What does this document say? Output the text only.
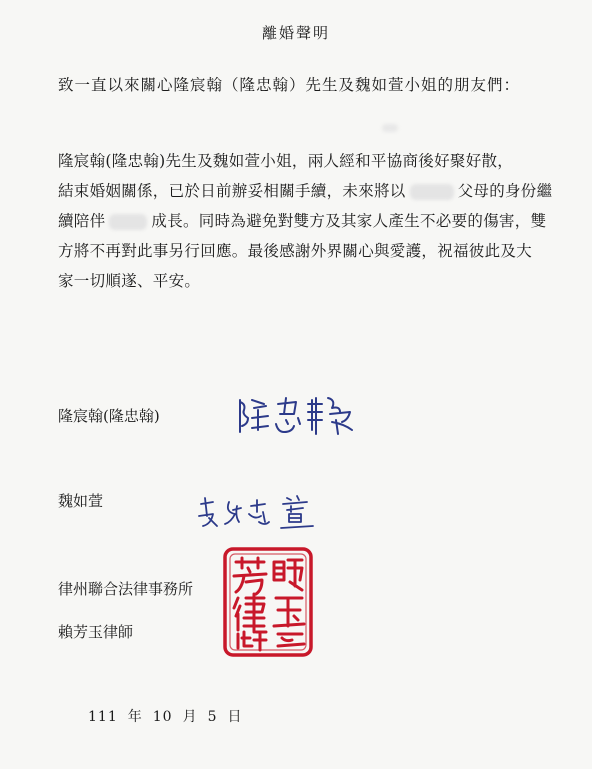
離婚聲明
致一直以來關心隆宸翰（隆忠翰）先生及魏如萱小姐的朋友們：
隆宸翰(隆忠翰)先生及魏如萱小姐，兩人經和平協商後好聚好散，
結束婚姻關係，已於日前辦妥相關手續，未來將以	父母的身份繼
續陪伴	成長。同時為避免對雙方及其家人產生不必要的傷害，雙
方將不再對此事另行回應。最後感謝外界關心與愛護，祝福彼此及大
家一切順遂、平安。
隆宸翰(隆忠翰)
魏如萱
律州聯合法律事務所
賴芳玉律師
111 年 10 月 5 日
